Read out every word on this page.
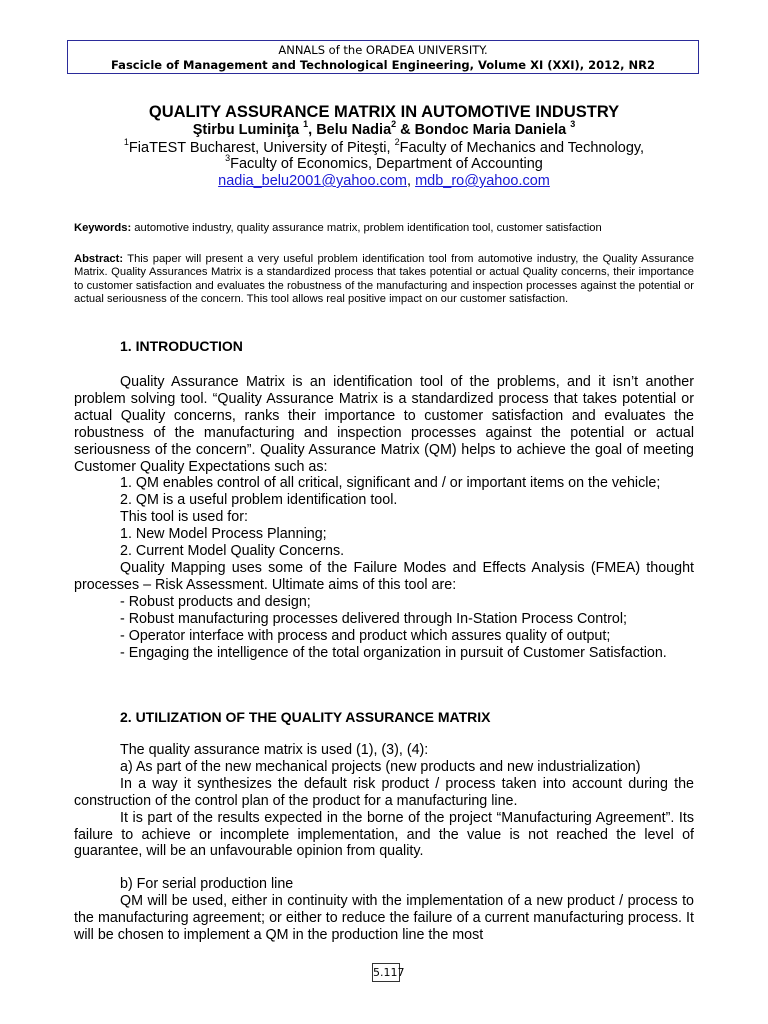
ANNALS of the ORADEA UNIVERSITY.
Fascicle of Management and Technological Engineering, Volume XI (XXI), 2012, NR2
QUALITY ASSURANCE MATRIX IN AUTOMOTIVE INDUSTRY
Ştirbu Luminiţa $^1$, Belu Nadia$^2$ & Bondoc Maria Daniela $^3$
$^1$FiaTEST Bucharest, University of Piteşti, $^2$Faculty of Mechanics and Technology,
$^3$Faculty of Economics, Department of Accounting
nadia_belu2001@yahoo.com, mdb_ro@yahoo.com
Keywords: automotive industry, quality assurance matrix, problem identification tool, customer satisfaction
Abstract: This paper will present a very useful problem identification tool from automotive industry, the Quality Assurance Matrix. Quality Assurances Matrix is a standardized process that takes potential or actual Quality concerns, their importance to customer satisfaction and evaluates the robustness of the manufacturing and inspection processes against the potential or actual seriousness of the concern. This tool allows real positive impact on our customer satisfaction.
1. INTRODUCTION

Quality Assurance Matrix is an identification tool of the problems, and it isn’t another problem solving tool. “Quality Assurance Matrix is a standardized process that takes potential or actual Quality concerns, ranks their importance to customer satisfaction and evaluates the robustness of the manufacturing and inspection processes against the potential or actual seriousness of the concern”. Quality Assurance Matrix (QM) helps to achieve the goal of meeting Customer Quality Expectations such as:

1. QM enables control of all critical, significant and / or important items on the vehicle;

2. QM is a useful problem identification tool.

This tool is used for:

1. New Model Process Planning;

2. Current Model Quality Concerns.

Quality Mapping uses some of the Failure Modes and Effects Analysis (FMEA) thought processes – Risk Assessment. Ultimate aims of this tool are:

- Robust products and design;

- Robust manufacturing processes delivered through In-Station Process Control;

- Operator interface with process and product which assures quality of output;

- Engaging the intelligence of the total organization in pursuit of Customer Satisfaction.

2. UTILIZATION OF THE QUALITY ASSURANCE MATRIX

The quality assurance matrix is used (1), (3), (4):

a) As part of the new mechanical projects (new products and new industrialization)

In a way it synthesizes the default risk product / process taken into account during the construction of the control plan of the product for a manufacturing line.

It is part of the results expected in the borne of the project “Manufacturing Agreement”. Its failure to achieve or incomplete implementation, and the value is not reached the level of guarantee, will be an unfavourable opinion from quality.

b) For serial production line

QM will be used, either in continuity with the implementation of a new product / process to the manufacturing agreement; or either to reduce the failure of a current manufacturing process. It will be chosen to implement a QM in the production line the most

5.117
